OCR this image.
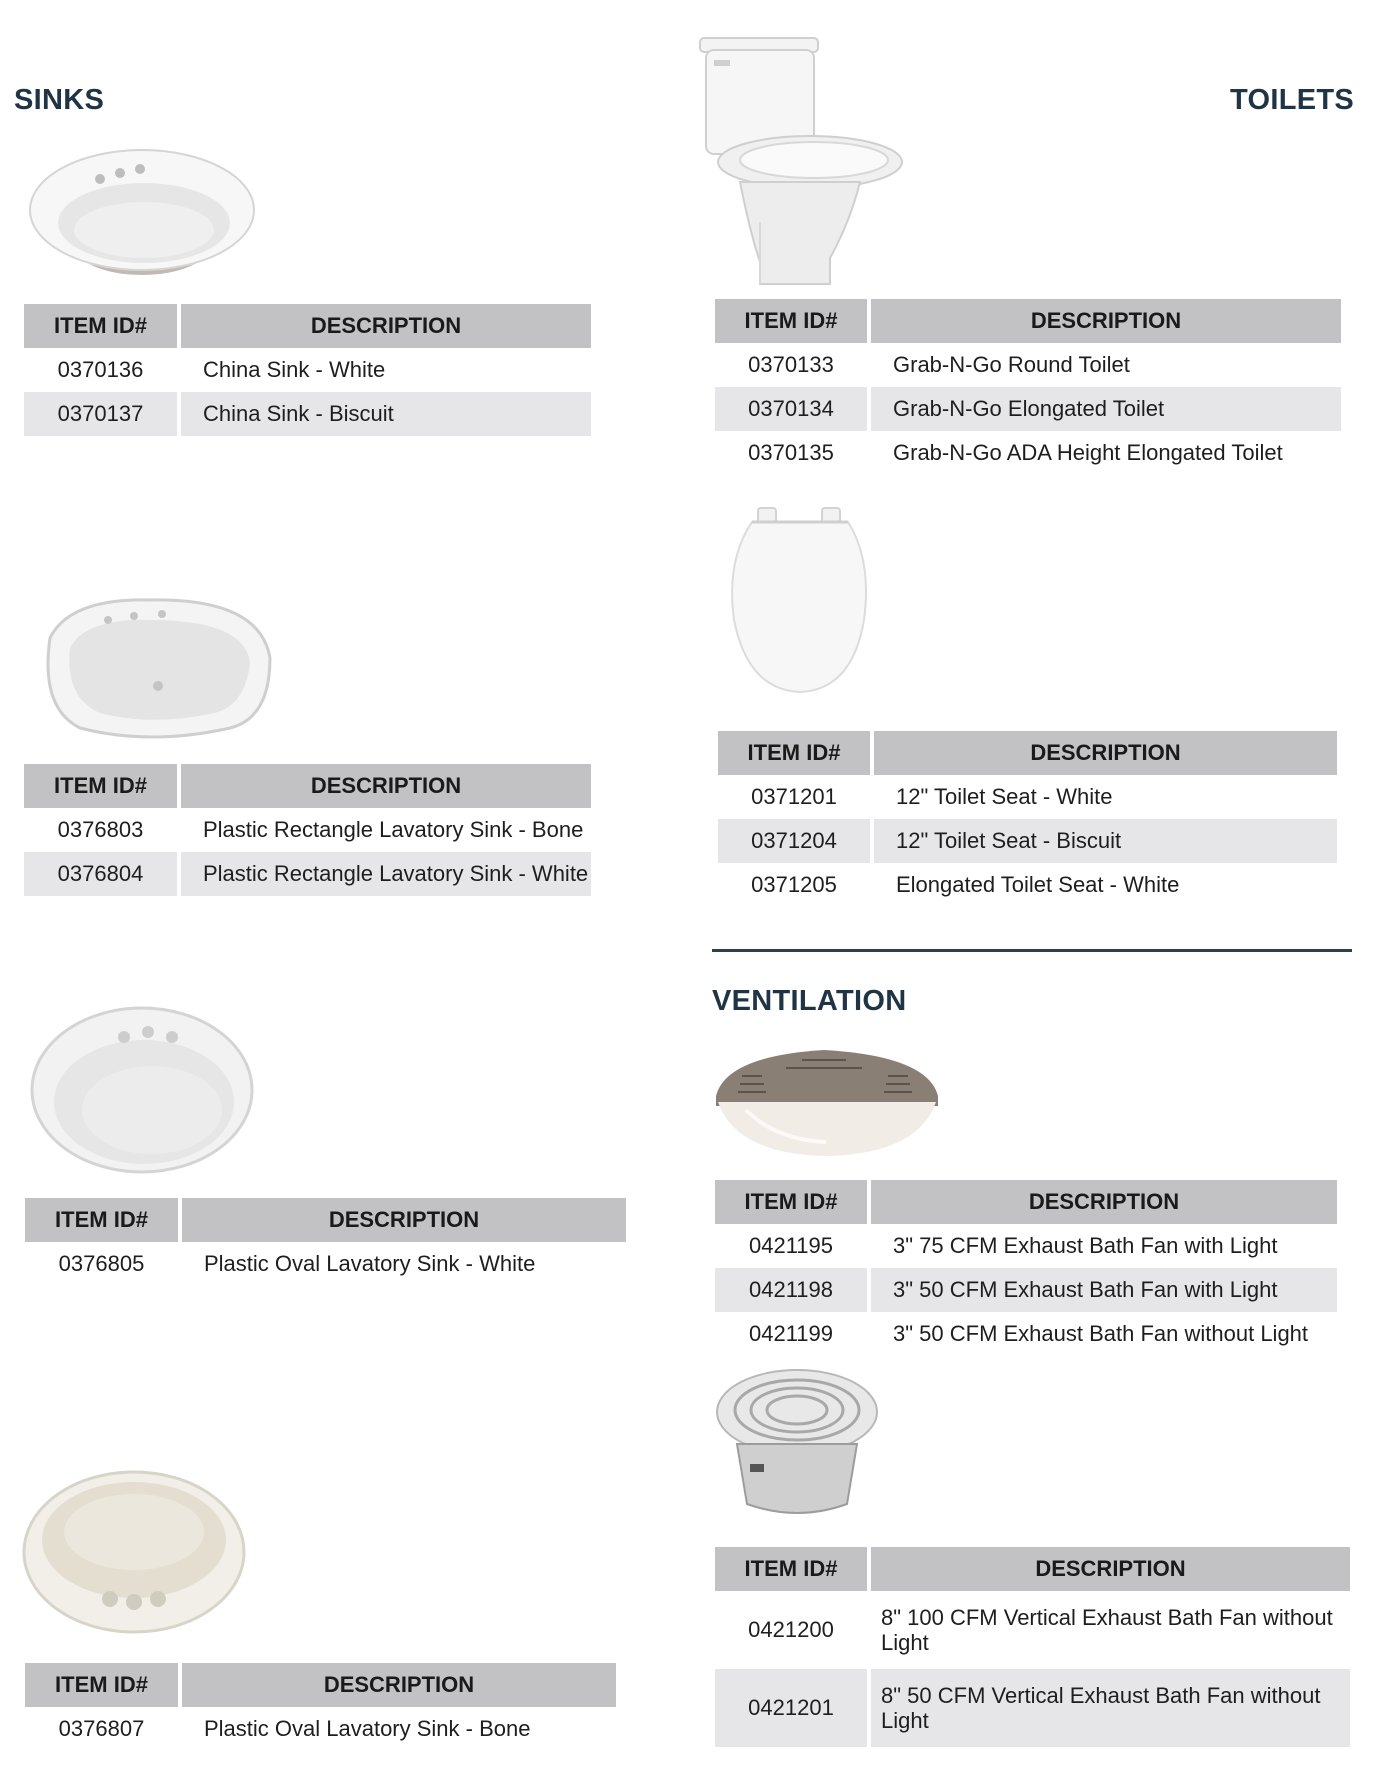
SINKS	TOILETS
VENTILATION
ITEM ID#	DESCRIPTION
0370136	China Sink - White
0370137	China Sink - Biscuit
ITEM ID#	DESCRIPTION
0376803	Plastic Rectangle Lavatory Sink - Bone
0376804	Plastic Rectangle Lavatory Sink - White
ITEM ID#	DESCRIPTION
0376805	Plastic Oval Lavatory Sink - White
ITEM ID#	DESCRIPTION
0376807	Plastic Oval Lavatory Sink - Bone
ITEM ID#	DESCRIPTION
0370133	Grab-N-Go Round Toilet
0370134	Grab-N-Go Elongated Toilet
0370135	Grab-N-Go ADA Height Elongated Toilet
ITEM ID#	DESCRIPTION
0371201	12" Toilet Seat - White
0371204	12" Toilet Seat - Biscuit
0371205	Elongated Toilet Seat - White
ITEM ID#	DESCRIPTION
0421195	3" 75 CFM Exhaust Bath Fan with Light
0421198	3" 50 CFM Exhaust Bath Fan with Light
0421199	3" 50 CFM Exhaust Bath Fan without Light
ITEM ID#	DESCRIPTION
0421200	8" 100 CFM Vertical Exhaust Bath Fan without Light
0421201	8" 50 CFM Vertical Exhaust Bath Fan without Light
